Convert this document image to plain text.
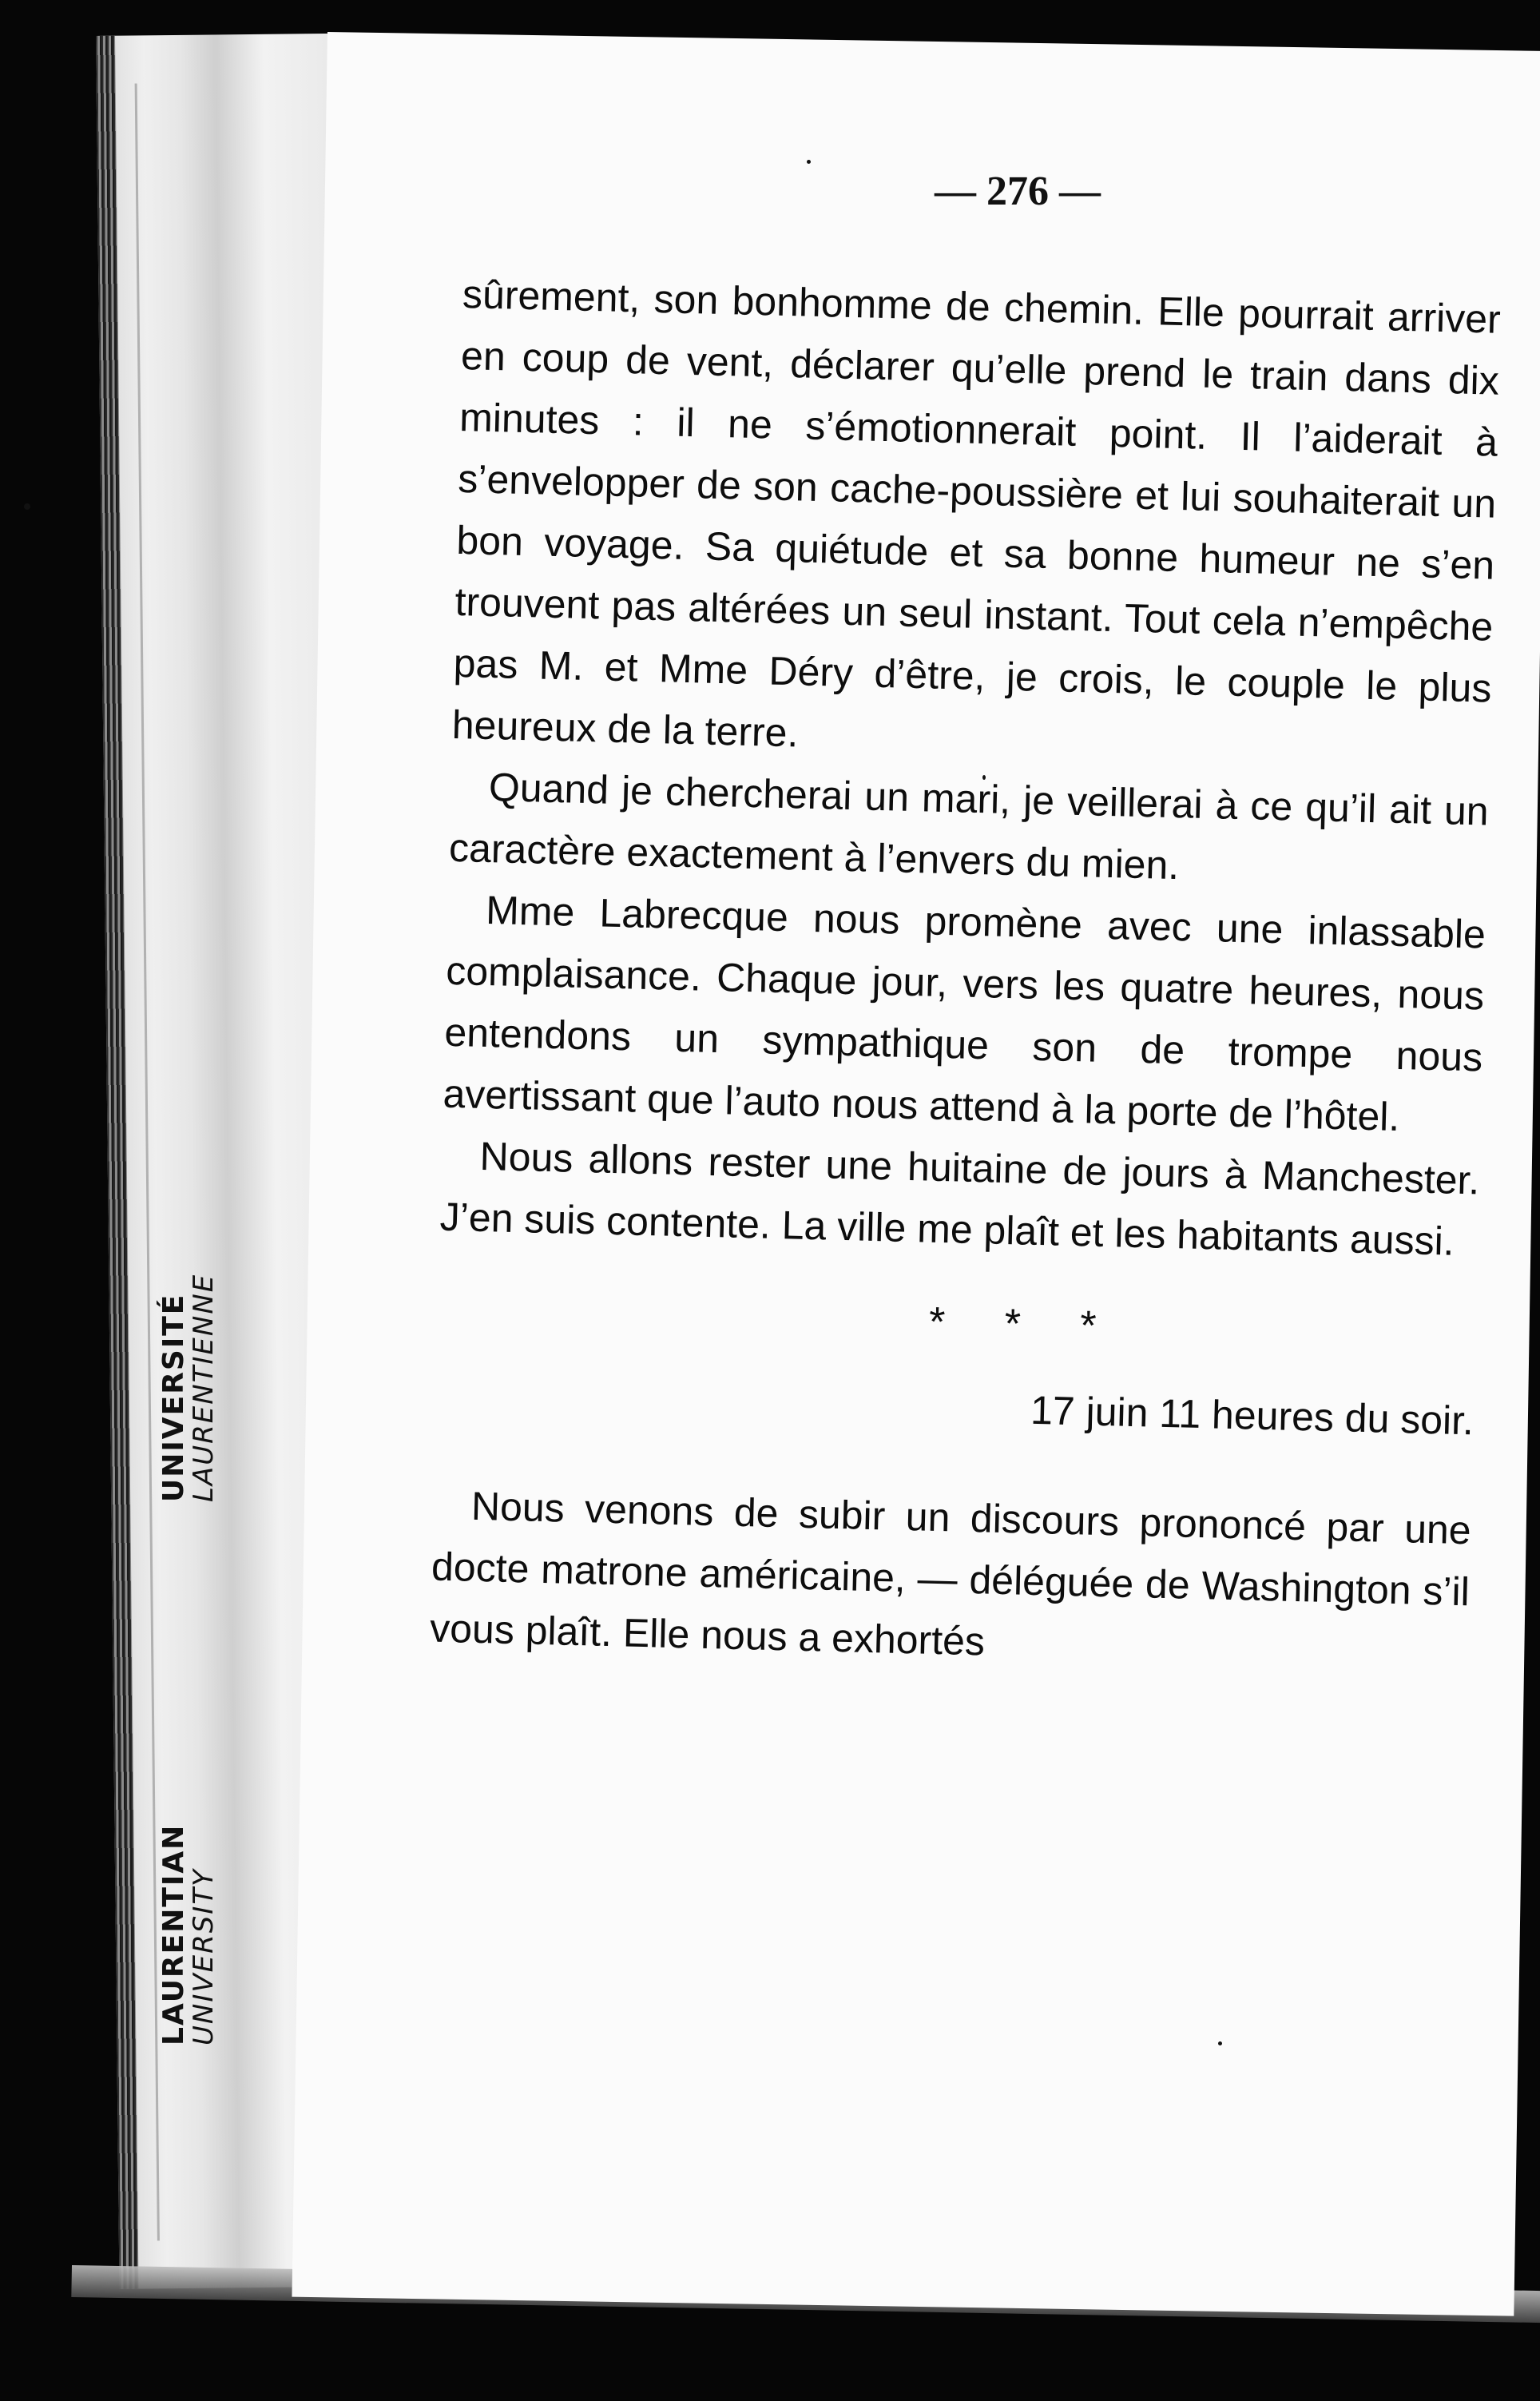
UNIVERSITÉ
LAURENTIENNE
LAURENTIAN
UNIVERSITY
— 276 —

sûrement, son bonhomme de chemin. Elle pourrait arriver en coup de vent, déclarer qu’elle prend le train dans dix minutes : il ne s’émotionnerait point. Il l’aiderait à s’envelopper de son cache-poussière et lui souhaiterait un bon voyage. Sa quiétude et sa bonne humeur ne s’en trouvent pas altérées un seul instant. Tout cela n’empêche pas M. et Mme Déry d’être, je crois, le couple le plus heureux de la terre.

Quand je chercherai un mari, je veillerai à ce qu’il ait un caractère exactement à l’envers du mien.

Mme Labrecque nous promène avec une inlassable complaisance. Chaque jour, vers les quatre heures, nous entendons un sympathique son de trompe nous avertissant que l’auto nous attend à la porte de l’hôtel.

Nous allons rester une huitaine de jours à Manchester. J’en suis contente. La ville me plaît et les habitants aussi.

* * *

17 juin 11 heures du soir.

Nous venons de subir un discours prononcé par une docte matrone américaine, — déléguée de Washington s’il vous plaît. Elle nous a exhortés
